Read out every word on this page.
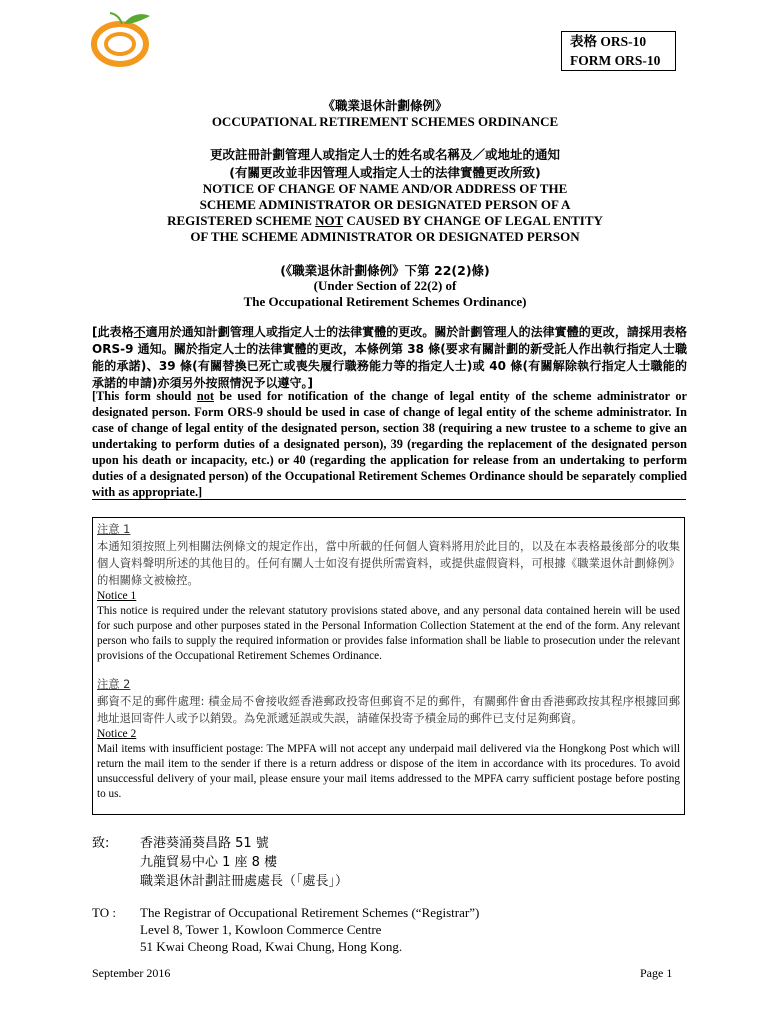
表格 ORS-10
FORM ORS-10
《職業退休計劃條例》
OCCUPATIONAL RETIREMENT SCHEMES ORDINANCE
更改註冊計劃管理人或指定人士的姓名或名稱及／或地址的通知
(有關更改並非因管理人或指定人士的法律實體更改所致)
NOTICE OF CHANGE OF NAME AND/OR ADDRESS OF THE
SCHEME ADMINISTRATOR OR DESIGNATED PERSON OF A
REGISTERED SCHEME NOT CAUSED BY CHANGE OF LEGAL ENTITY
OF THE SCHEME ADMINISTRATOR OR DESIGNATED PERSON
(《職業退休計劃條例》下第 22(2)條)
(Under Section of 22(2) of
The Occupational Retirement Schemes Ordinance)
[此表格不適用於通知計劃管理人或指定人士的法律實體的更改。關於計劃管理人的法律實體的更改，請採用表格 ORS-9 通知。關於指定人士的法律實體的更改，本條例第 38 條(要求有關計劃的新受託人作出執行指定人士職能的承諾)、39 條(有關替換已死亡或喪失履行職務能力等的指定人士)或 40 條(有關解除執行指定人士職能的承諾的申請)亦須另外按照情況予以遵守。]
[This form should not be used for notification of the change of legal entity of the scheme administrator or designated person. Form ORS-9 should be used in case of change of legal entity of the scheme administrator. In case of change of legal entity of the designated person, section 38 (requiring a new trustee to a scheme to give an undertaking to perform duties of a designated person), 39 (regarding the replacement of the designated person upon his death or incapacity, etc.) or 40 (regarding the application for release from an undertaking to perform duties of a designated person) of the Occupational Retirement Schemes Ordinance should be separately complied with as appropriate.]
注意 1
本通知須按照上列相關法例條文的規定作出，當中所載的任何個人資料將用於此目的，以及在本表格最後部分的收集個人資料聲明所述的其他目的。任何有關人士如沒有提供所需資料，或提供虛假資料，可根據《職業退休計劃條例》的相關條文被檢控。
Notice 1
This notice is required under the relevant statutory provisions stated above, and any personal data contained herein will be used for such purpose and other purposes stated in the Personal Information Collection Statement at the end of the form. Any relevant person who fails to supply the required information or provides false information shall be liable to prosecution under the relevant provisions of the Occupational Retirement Schemes Ordinance.
注意 2
郵資不足的郵件處理: 積金局不會接收經香港郵政投寄但郵資不足的郵件，有關郵件會由香港郵政按其程序根據回郵地址退回寄件人或予以銷毀。為免派遞延誤或失誤，請確保投寄予積金局的郵件已支付足夠郵資。
Notice 2
Mail items with insufficient postage: The MPFA will not accept any underpaid mail delivered via the Hongkong Post which will return the mail item to the sender if there is a return address or dispose of the item in accordance with its procedures. To avoid unsuccessful delivery of your mail, please ensure your mail items addressed to the MPFA carry sufficient postage before posting to us.
致: 香港葵涌葵昌路 51 號
九龍貿易中心 1 座 8 樓
職業退休計劃註冊處處長（「處長」）
TO : The Registrar of Occupational Retirement Schemes (“Registrar”)
Level 8, Tower 1, Kowloon Commerce Centre
51 Kwai Cheong Road, Kwai Chung, Hong Kong.
September 2016	Page 1
